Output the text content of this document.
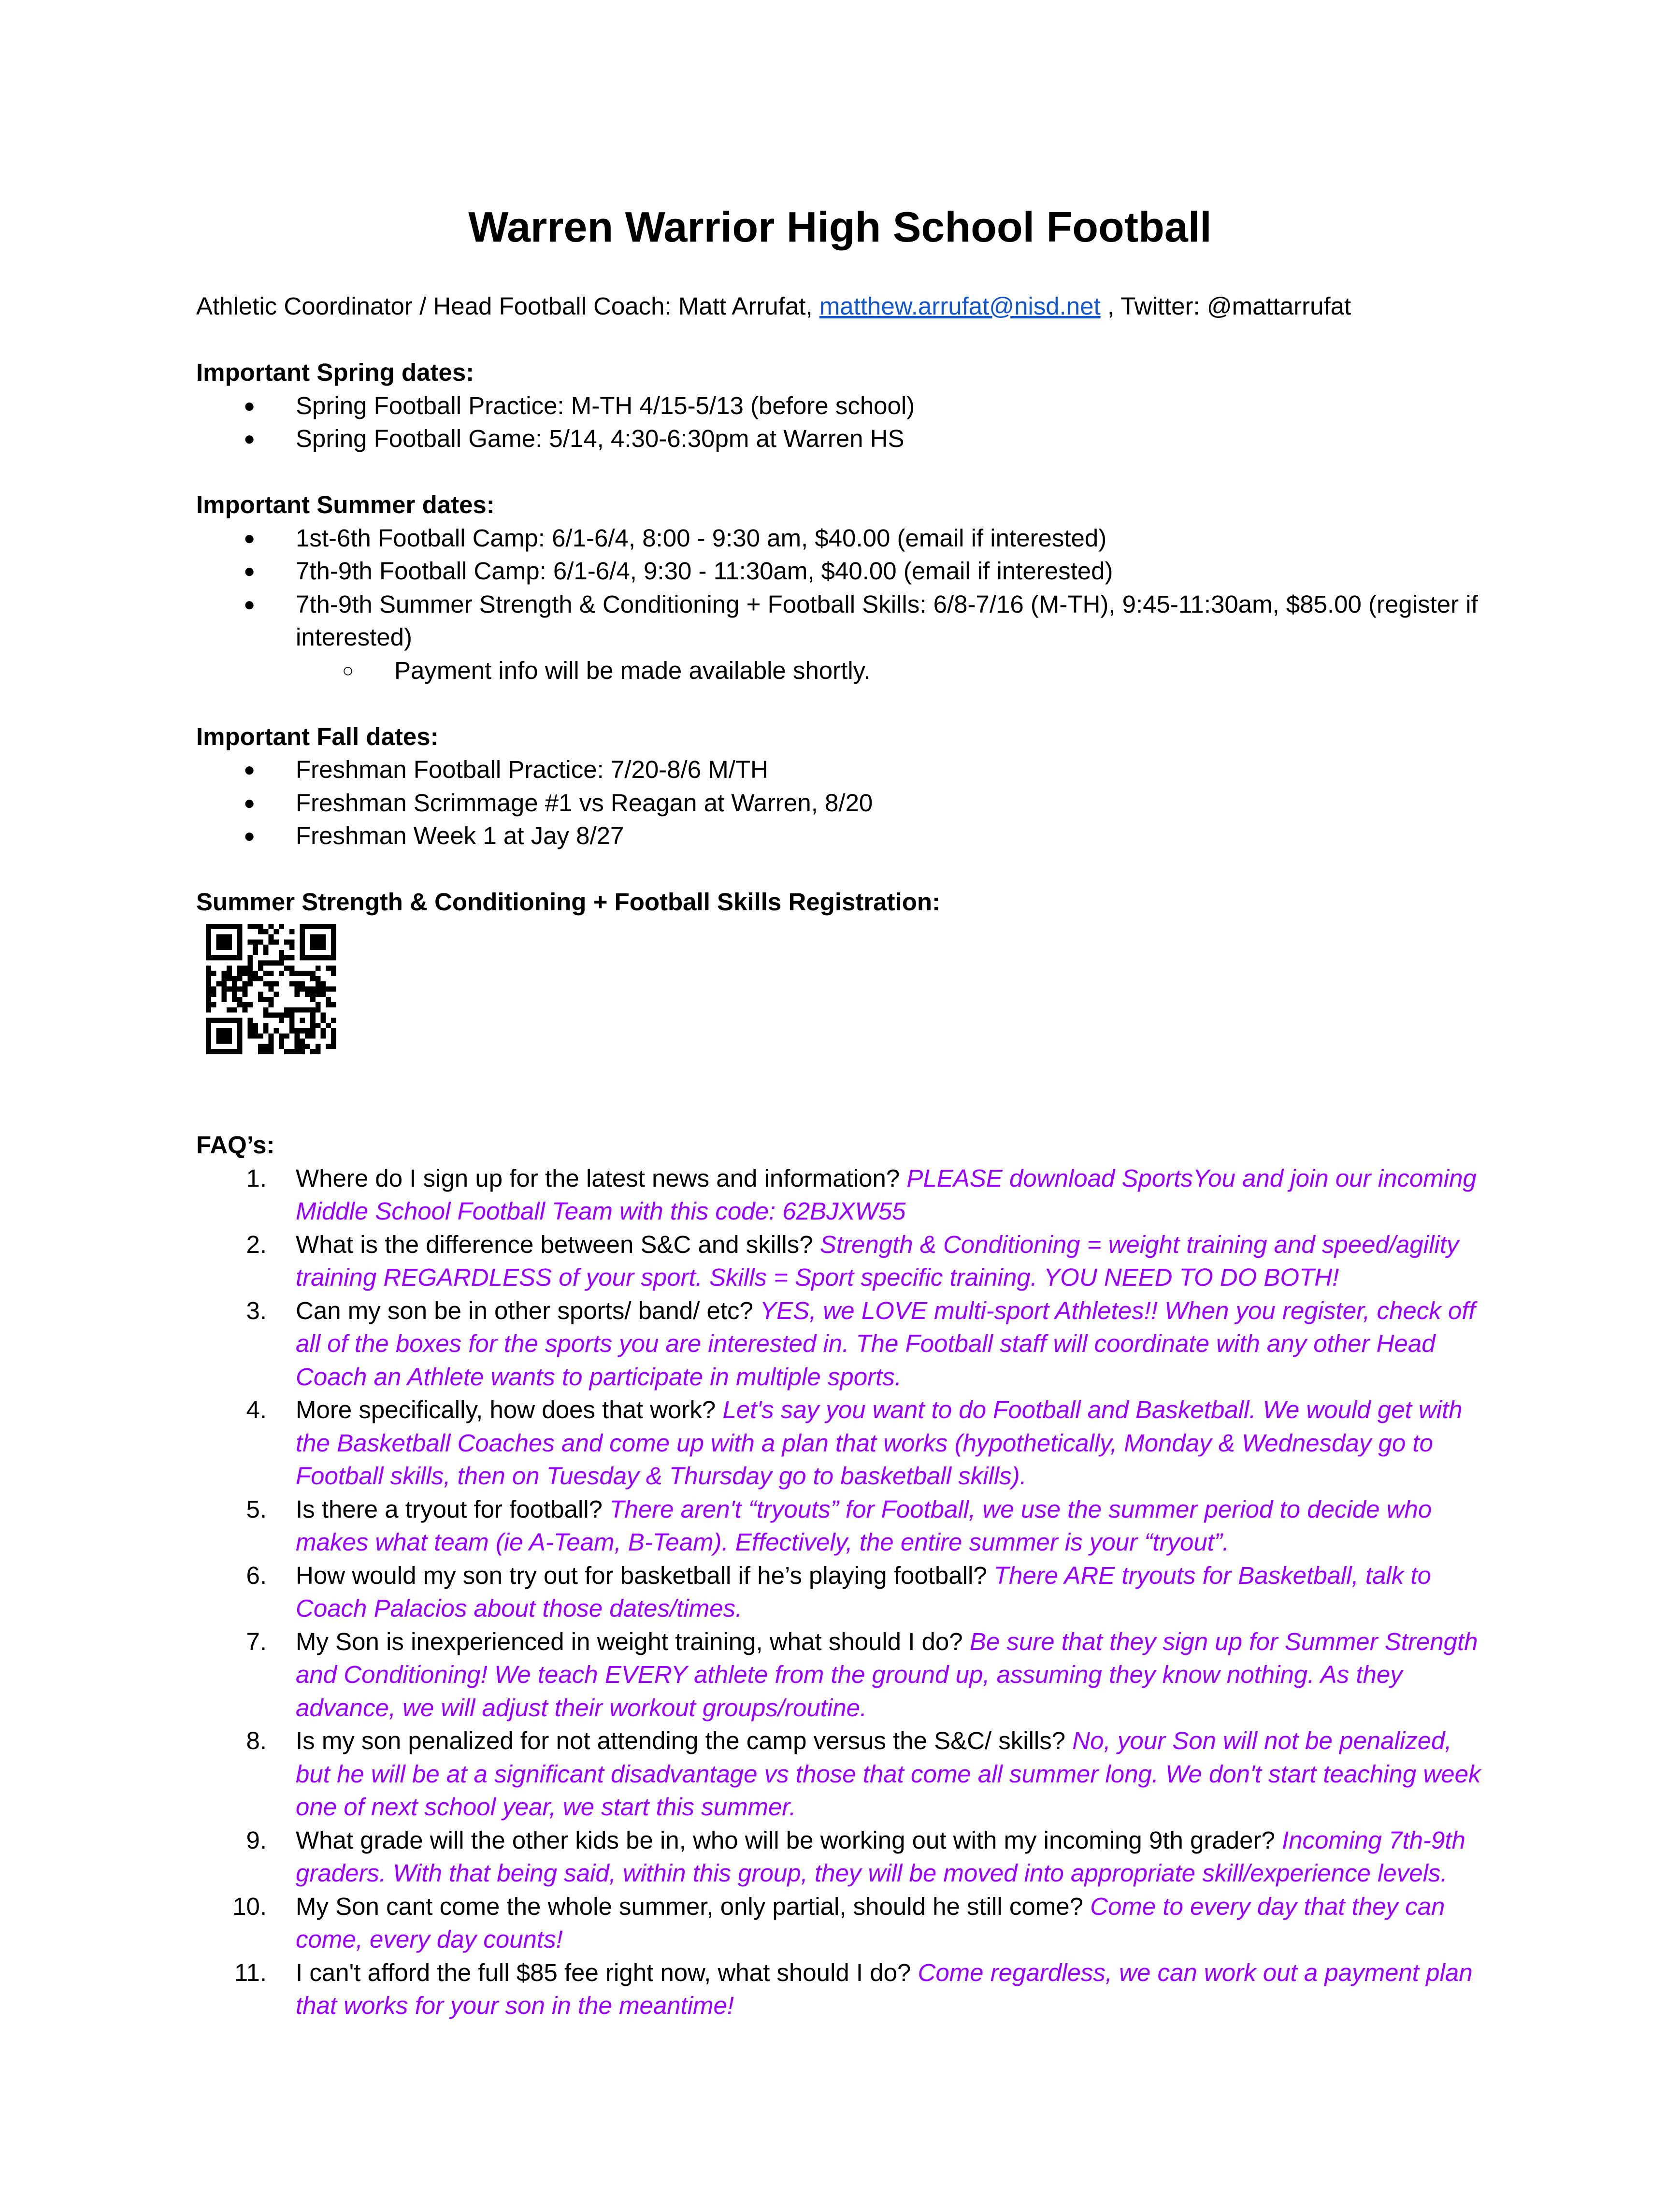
Warren Warrior High School Football

Athletic Coordinator / Head Football Coach: Matt Arrufat, matthew.arrufat@nisd.net , Twitter: @mattarrufat

Important Spring dates:

● Spring Football Practice: M-TH 4/15-5/13 (before school)
● Spring Football Game: 5/14, 4:30-6:30pm at Warren HS

Important Summer dates:

● 1st-6th Football Camp: 6/1-6/4, 8:00 - 9:30 am, $40.00 (email if interested)
● 7th-9th Football Camp: 6/1-6/4, 9:30 - 11:30am, $40.00 (email if interested)
● 7th-9th Summer Strength & Conditioning + Football Skills: 6/8-7/16 (M-TH), 9:45-11:30am, $85.00 (register if interested)
○ Payment info will be made available shortly.

Important Fall dates:

● Freshman Football Practice: 7/20-8/6 M/TH
● Freshman Scrimmage #1 vs Reagan at Warren, 8/20
● Freshman Week 1 at Jay 8/27

Summer Strength & Conditioning + Football Skills Registration:

FAQ’s:

1. Where do I sign up for the latest news and information? PLEASE download SportsYou and join our incoming Middle School Football Team with this code: 62BJXW55
2. What is the difference between S&C and skills? Strength & Conditioning = weight training and speed/agility training REGARDLESS of your sport. Skills = Sport specific training. YOU NEED TO DO BOTH!
3. Can my son be in other sports/ band/ etc? YES, we LOVE multi-sport Athletes!! When you register, check off all of the boxes for the sports you are interested in. The Football staff will coordinate with any other Head Coach an Athlete wants to participate in multiple sports.
4. More specifically, how does that work? Let's say you want to do Football and Basketball. We would get with the Basketball Coaches and come up with a plan that works (hypothetically, Monday & Wednesday go to Football skills, then on Tuesday & Thursday go to basketball skills).
5. Is there a tryout for football? There aren't “tryouts” for Football, we use the summer period to decide who makes what team (ie A-Team, B-Team). Effectively, the entire summer is your “tryout”.
6. How would my son try out for basketball if he’s playing football? There ARE tryouts for Basketball, talk to Coach Palacios about those dates/times.
7. My Son is inexperienced in weight training, what should I do? Be sure that they sign up for Summer Strength and Conditioning! We teach EVERY athlete from the ground up, assuming they know nothing. As they advance, we will adjust their workout groups/routine.
8. Is my son penalized for not attending the camp versus the S&C/ skills? No, your Son will not be penalized, but he will be at a significant disadvantage vs those that come all summer long. We don't start teaching week one of next school year, we start this summer.
9. What grade will the other kids be in, who will be working out with my incoming 9th grader? Incoming 7th-9th graders. With that being said, within this group, they will be moved into appropriate skill/experience levels.
10. My Son cant come the whole summer, only partial, should he still come? Come to every day that they can come, every day counts!
11. I can't afford the full $85 fee right now, what should I do? Come regardless, we can work out a payment plan that works for your son in the meantime!
